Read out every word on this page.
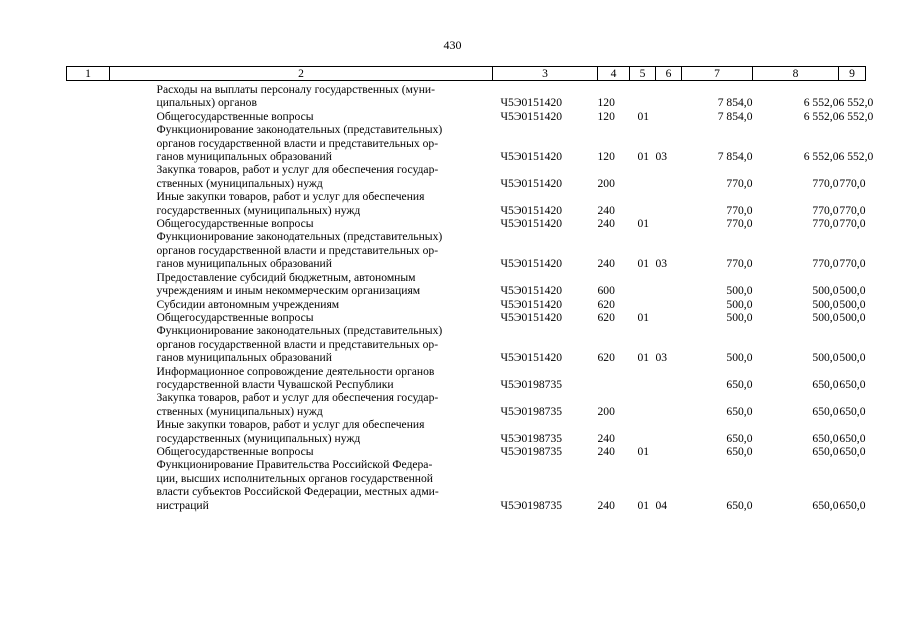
430
1	2	3	4	5	6	7	8	9

	Расходы на выплаты персоналу государственных (муни-
ципальных) органов	Ч5Э0151420	120			7 854,0	6 552,0	6 552,0

	Общегосударственные вопросы	Ч5Э0151420	120	01		7 854,0	6 552,0	6 552,0

	Функционирование законодательных (представительных)
органов государственной власти и представительных ор-
ганов муниципальных образований	Ч5Э0151420	120	01	03	7 854,0	6 552,0	6 552,0

	Закупка товаров, работ и услуг для обеспечения государ-
ственных (муниципальных) нужд	Ч5Э0151420	200			770,0	770,0	770,0

	Иные закупки товаров, работ и услуг для обеспечения
государственных (муниципальных) нужд	Ч5Э0151420	240			770,0	770,0	770,0

	Общегосударственные вопросы	Ч5Э0151420	240	01		770,0	770,0	770,0

	Функционирование законодательных (представительных)
органов государственной власти и представительных ор-
ганов муниципальных образований	Ч5Э0151420	240	01	03	770,0	770,0	770,0

	Предоставление субсидий бюджетным, автономным
учреждениям и иным некоммерческим организациям	Ч5Э0151420	600			500,0	500,0	500,0

	Субсидии автономным учреждениям	Ч5Э0151420	620			500,0	500,0	500,0

	Общегосударственные вопросы	Ч5Э0151420	620	01		500,0	500,0	500,0

	Функционирование законодательных (представительных)
органов государственной власти и представительных ор-
ганов муниципальных образований	Ч5Э0151420	620	01	03	500,0	500,0	500,0

	Информационное сопровождение деятельности органов
государственной власти Чувашской Республики	Ч5Э0198735				650,0	650,0	650,0

	Закупка товаров, работ и услуг для обеспечения государ-
ственных (муниципальных) нужд	Ч5Э0198735	200			650,0	650,0	650,0

	Иные закупки товаров, работ и услуг для обеспечения
государственных (муниципальных) нужд	Ч5Э0198735	240			650,0	650,0	650,0

	Общегосударственные вопросы	Ч5Э0198735	240	01		650,0	650,0	650,0

	Функционирование Правительства Российской Федера-
ции, высших исполнительных органов государственной
власти субъектов Российской Федерации, местных адми-
нистраций	Ч5Э0198735	240	01	04	650,0	650,0	650,0
